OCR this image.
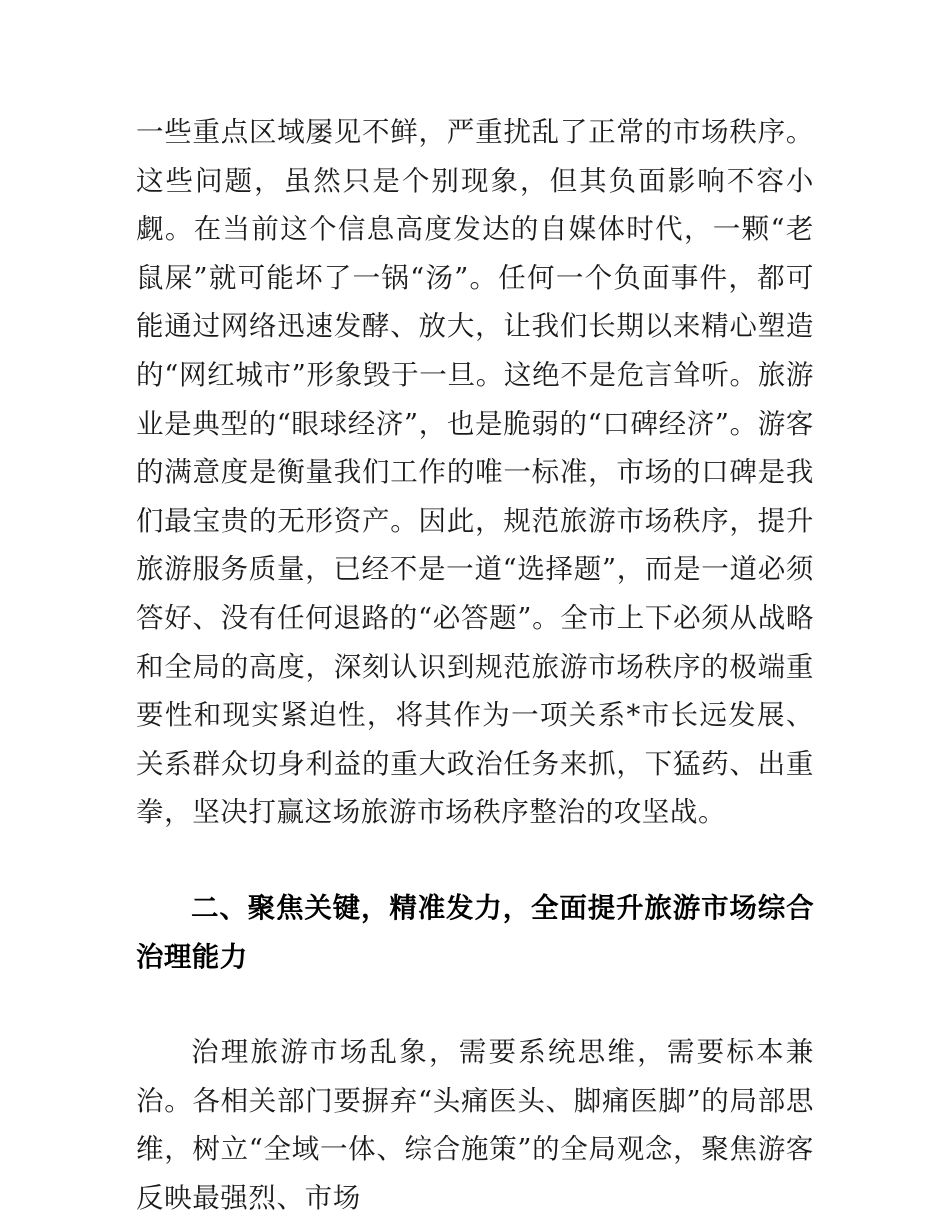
一些重点区域屡见不鲜，严重扰乱了正常的市场秩序。这些问题，虽然只是个别现象，但其负面影响不容小觑。在当前这个信息高度发达的自媒体时代，一颗“老鼠屎”就可能坏了一锅“汤”。任何一个负面事件，都可能通过网络迅速发酵、放大，让我们长期以来精心塑造的“网红城市”形象毁于一旦。这绝不是危言耸听。旅游业是典型的“眼球经济”，也是脆弱的“口碑经济”。游客的满意度是衡量我们工作的唯一标准，市场的口碑是我们最宝贵的无形资产。因此，规范旅游市场秩序，提升旅游服务质量，已经不是一道“选择题”，而是一道必须答好、没有任何退路的“必答题”。全市上下必须从战略和全局的高度，深刻认识到规范旅游市场秩序的极端重要性和现实紧迫性，将其作为一项关系*市长远发展、关系群众切身利益的重大政治任务来抓，下猛药、出重拳，坚决打赢这场旅游市场秩序整治的攻坚战。

二、聚焦关键，精准发力，全面提升旅游市场综合治理能力

治理旅游市场乱象，需要系统思维，需要标本兼治。各相关部门要摒弃“头痛医头、脚痛医脚”的局部思维，树立“全域一体、综合施策”的全局观念，聚焦游客反映最强烈、市场
